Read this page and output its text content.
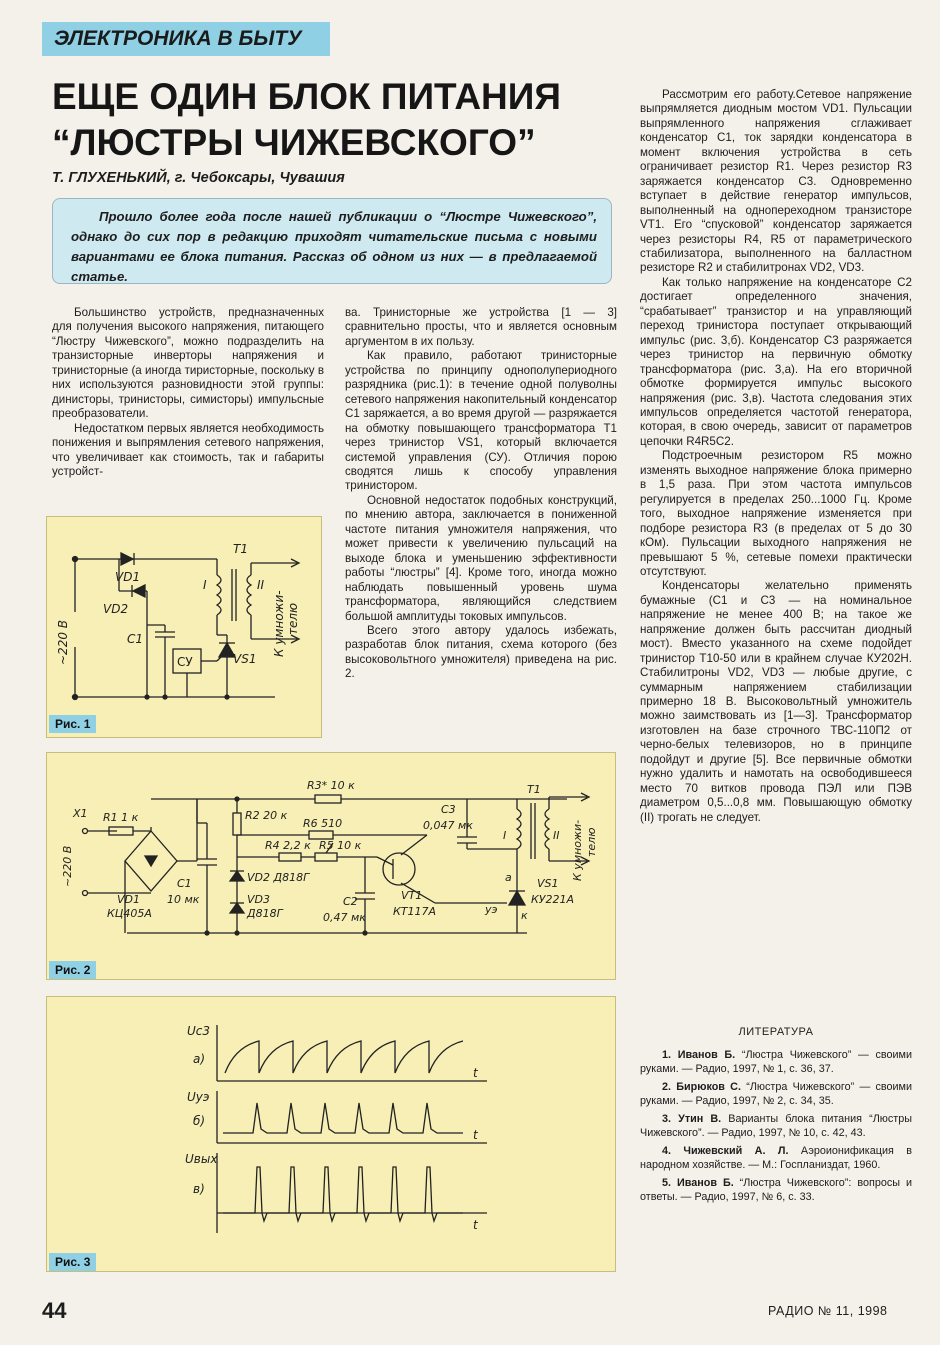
ЭЛЕКТРОНИКА В БЫТУ
ЕЩЕ ОДИН БЛОК ПИТАНИЯ
“ЛЮСТРЫ ЧИЖЕВСКОГО”
Т. ГЛУХЕНЬКИЙ, г. Чебоксары, Чувашия
Прошло более года после нашей публикации о “Люстре Чижевского”, однако до сих пор в редакцию приходят читательские письма с новыми вариантами ее блока питания. Рассказ об одном из них — в предлагаемой статье.

Большинство устройств, предназначенных для получения высокого напряжения, питающего “Люстру Чижевского”, можно подразделить на транзисторные инверторы напряжения и тринисторные (а иногда тиристорные, поскольку в них используются разновидности этой группы: динисторы, тринисторы, симисторы) импульсные преобразователи.

Недостатком первых является необходимость понижения и выпрямления сетевого напряжения, что увеличивает как стоимость, так и габариты устройст-

ва. Тринисторные же устройства [1 — 3] сравнительно просты, что и является основным аргументом в их пользу.

Как правило, работают тринисторные устройства по принципу однополупериодного разрядника (рис.1): в течение одной полуволны сетевого напряжения накопительный конденсатор С1 заряжается, а во время другой — разряжается на обмотку повышающего трансформатора Т1 через тринистор VS1, который включается системой управления (СУ). Отличия порою сводятся лишь к способу управления тринистором.

Основной недостаток подобных конструкций, по мнению автора, заключается в пониженной частоте питания умножителя напряжения, что может привести к увеличению пульсаций на выходе блока и уменьшению эффективности работы “люстры” [4]. Кроме того, иногда можно наблюдать повышенный уровень шума трансформатора, являющийся следствием большой амплитуды токовых импульсов.

Всего этого автору удалось избежать, разработав блок питания, схема которого (без высоковольтного умножителя) приведена на рис. 2.

Рассмотрим его работу.Сетевое напряжение выпрямляется диодным мостом VD1. Пульсации выпрямленного напряжения сглаживает конденсатор С1, ток зарядки конденсатора в момент включения устройства в сеть ограничивает резистор R1. Через резистор R3 заряжается конденсатор С3. Одновременно вступает в действие генератор импульсов, выполненный на однопереходном транзисторе VT1. Его “спусковой” конденсатор заряжается через резисторы R4, R5 от параметрического стабилизатора, выполненного на балластном резисторе R2 и стабилитронах VD2, VD3.

Как только напряжение на конденсаторе С2 достигает определенного значения, “срабатывает” транзистор и на управляющий переход тринистора поступает открывающий импульс (рис. 3,б). Конденсатор С3 разряжается через тринистор на первичную обмотку трансформатора (рис. 3,а). На его вторичной обмотке формируется импульс высокого напряжения (рис. 3,в). Частота следования этих импульсов определяется частотой генератора, которая, в свою очередь, зависит от параметров цепочки R4R5C2.

Подстроечным резистором R5 можно изменять выходное напряжение блока примерно в 1,5 раза. При этом частота импульсов регулируется в пределах 250...1000 Гц. Кроме того, выходное напряжение изменяется при подборе резистора R3 (в пределах от 5 до 30 кОм). Пульсации выходного напряжения не превышают 5 %, сетевые помехи практически отсутствуют.

Конденсаторы желательно применять бумажные (С1 и С3 — на номинальное напряжение не менее 400 В; на такое же напряжение должен быть рассчитан диодный мост). Вместо указанного на схеме подойдет тринистор Т10-50 или в крайнем случае КУ202Н. Стабилитроны VD2, VD3 — любые другие, с суммарным напряжением стабилизации примерно 18 В. Высоковольтный умножитель можно заимствовать из [1—3]. Трансформатор изготовлен на базе строчного ТВС-110П2 от черно-белых телевизоров, но в принципе подойдут и другие [5]. Все первичные обмотки нужно удалить и намотать на освободившееся место 70 витков провода ПЭЛ или ПЭВ диаметром 0,5...0,8 мм. Повышающую обмотку (II) трогать не следует.

ЛИТЕРАТУРА

1. Иванов Б. “Люстра Чижевского” — своими руками. — Радио, 1997, № 1, с. 36, 37.

2. Бирюков С. “Люстра Чижевского” — своими руками. — Радио, 1997, № 2, с. 34, 35.

3. Утин В. Варианты блока питания “Люстры Чижевского”. — Радио, 1997, № 10, с. 42, 43.

4. Чижевский А. Л. Аэроионификация в народном хозяйстве. — М.: Госпланиздат, 1960.

5. Иванов Б. “Люстра Чижевского”: вопросы и ответы. — Радио, 1997, № 6, с. 33.

VD1
VD2
C1
T1
I	II
СУ	VS1
~220 В	К умножи- телю
Рис. 1
X1
~220 В
R1 1 к
VD1
КЦ405А
C1
10 мк
R2 20 к
R3* 10 к
R6 510
R4 2,2 к R5 10 к
VD2 Д818Г
VD3
Д818Г
C2
0,47 мк
VT1
КТ117А
C3
0,047 мк
T1
I	II
a
уэ к
VS1
КУ221А
К умножи- телю
Рис. 2
Uc3
а)
t
Uуэ
б)
t
Uвых
в)
t
Рис. 3
44	РАДИО № 11, 1998
